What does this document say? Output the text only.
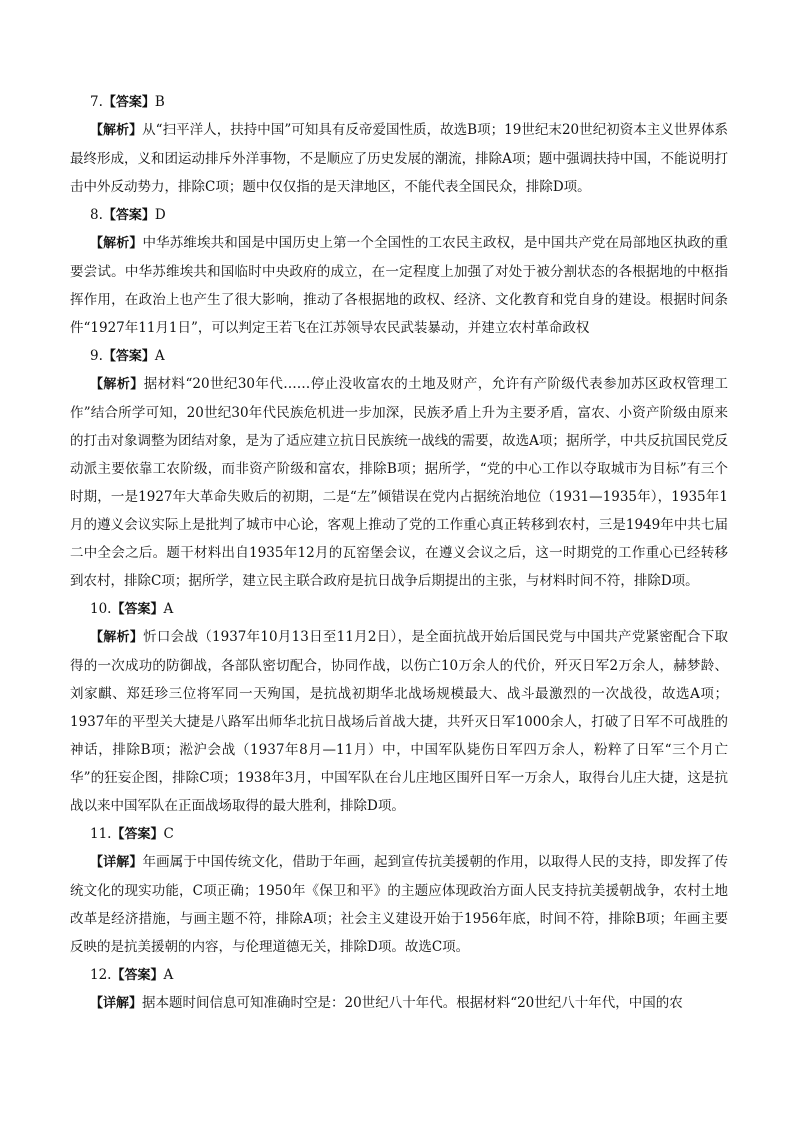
7.【答案】B

【解析】从“扫平洋人，扶持中国”可知具有反帝爱国性质，故选B项；19世纪末20世纪初资本主义世界体系最终形成，义和团运动排斥外洋事物，不是顺应了历史发展的潮流，排除A项；题中强调扶持中国，不能说明打击中外反动势力，排除C项；题中仅仅指的是天津地区，不能代表全国民众，排除D项。

8.【答案】D

【解析】中华苏维埃共和国是中国历史上第一个全国性的工农民主政权，是中国共产党在局部地区执政的重要尝试。中华苏维埃共和国临时中央政府的成立，在一定程度上加强了对处于被分割状态的各根据地的中枢指挥作用，在政治上也产生了很大影响，推动了各根据地的政权、经济、文化教育和党自身的建设。根据时间条件“1927年11月1日”，可以判定王若飞在江苏领导农民武装暴动，并建立农村革命政权

9.【答案】A

【解析】据材料“20世纪30年代……停止没收富农的土地及财产，允许有产阶级代表参加苏区政权管理工作”结合所学可知，20世纪30年代民族危机进一步加深，民族矛盾上升为主要矛盾，富农、小资产阶级由原来的打击对象调整为团结对象，是为了适应建立抗日民族统一战线的需要，故选A项；据所学，中共反抗国民党反动派主要依靠工农阶级，而非资产阶级和富农，排除B项；据所学，“党的中心工作以夺取城市为目标”有三个时期，一是1927年大革命失败后的初期，二是“左”倾错误在党内占据统治地位（1931—1935年），1935年1月的遵义会议实际上是批判了城市中心论，客观上推动了党的工作重心真正转移到农村，三是1949年中共七届二中全会之后。题干材料出自1935年12月的瓦窑堡会议，在遵义会议之后，这一时期党的工作重心已经转移到农村，排除C项；据所学，建立民主联合政府是抗日战争后期提出的主张，与材料时间不符，排除D项。

10.【答案】A

【解析】忻口会战（1937年10月13日至11月2日），是全面抗战开始后国民党与中国共产党紧密配合下取得的一次成功的防御战，各部队密切配合，协同作战，以伤亡10万余人的代价，歼灭日军2万余人，赫梦龄、刘家麒、郑廷珍三位将军同一天殉国，是抗战初期华北战场规模最大、战斗最激烈的一次战役，故选A项；1937年的平型关大捷是八路军出师华北抗日战场后首战大捷，共歼灭日军1000余人，打破了日军不可战胜的神话，排除B项；淞沪会战（1937年8月—11月）中，中国军队毙伤日军四万余人，粉粹了日军“三个月亡华”的狂妄企图，排除C项；1938年3月，中国军队在台儿庄地区围歼日军一万余人，取得台儿庄大捷，这是抗战以来中国军队在正面战场取得的最大胜利，排除D项。

11.【答案】C

【详解】年画属于中国传统文化，借助于年画，起到宣传抗美援朝的作用，以取得人民的支持，即发挥了传统文化的现实功能，C项正确；1950年《保卫和平》的主题应体现政治方面人民支持抗美援朝战争，农村土地改革是经济措施，与画主题不符，排除A项；社会主义建设开始于1956年底，时间不符，排除B项；年画主要反映的是抗美援朝的内容，与伦理道德无关，排除D项。故选C项。

12.【答案】A

【详解】据本题时间信息可知准确时空是：20世纪八十年代。根据材料“20世纪八十年代，中国的农
